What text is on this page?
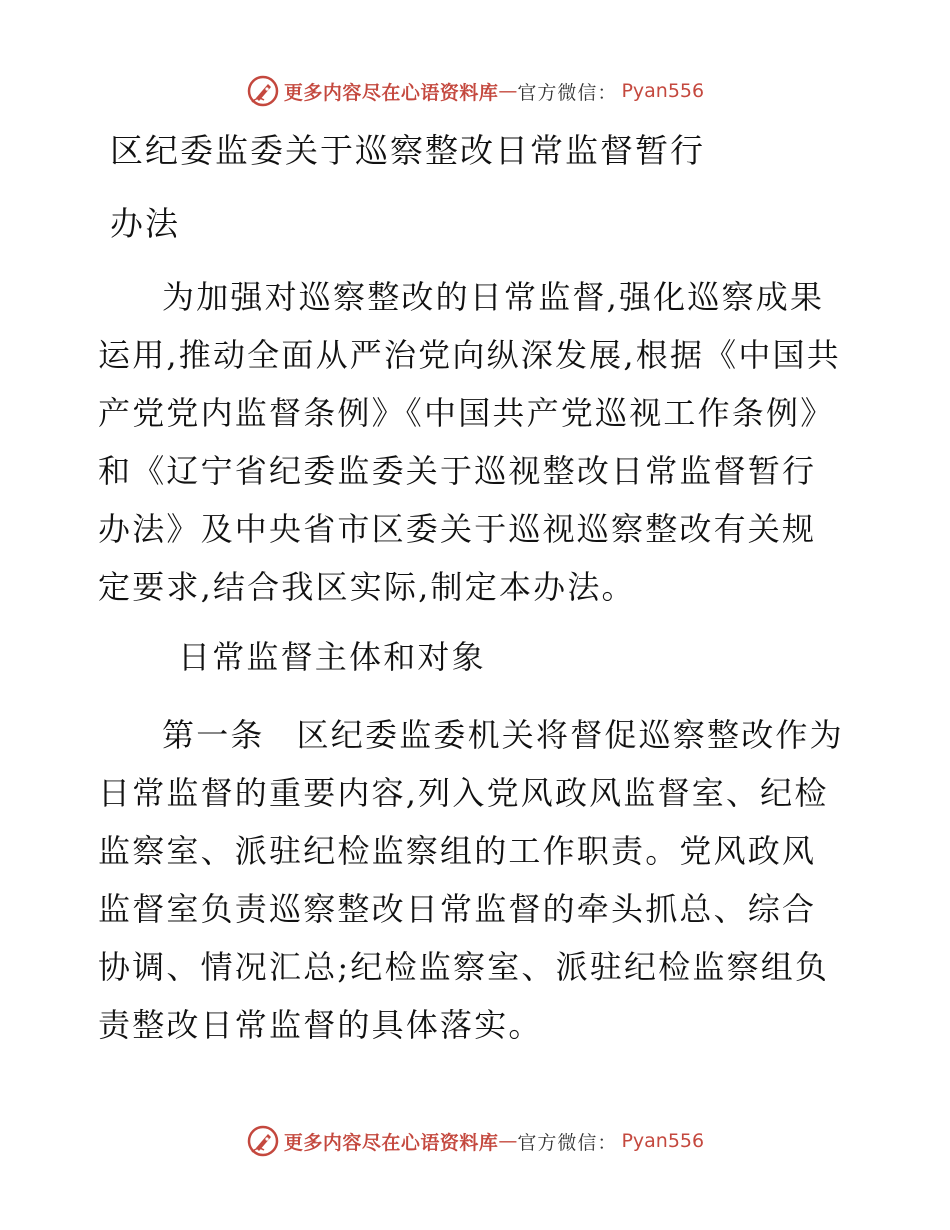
更多内容尽在心语资料库 — 官方微信： Pyan556
区纪委监委关于巡察整改日常监督暂行
办法

为加强对巡察整改的日常监督,强化巡察成果运用,推动全面从严治党向纵深发展,根据《中国共产党党内监督条例》《中国共产党巡视工作条例》和《辽宁省纪委监委关于巡视整改日常监督暂行办法》及中央省市区委关于巡视巡察整改有关规定要求,结合我区实际,制定本办法。

日常监督主体和对象

第一条 区纪委监委机关将督促巡察整改作为日常监督的重要内容,列入党风政风监督室、纪检监察室、派驻纪检监察组的工作职责。党风政风监督室负责巡察整改日常监督的牵头抓总、综合协调、情况汇总;纪检监察室、派驻纪检监察组负责整改日常监督的具体落实。

更多内容尽在心语资料库 — 官方微信： Pyan556
